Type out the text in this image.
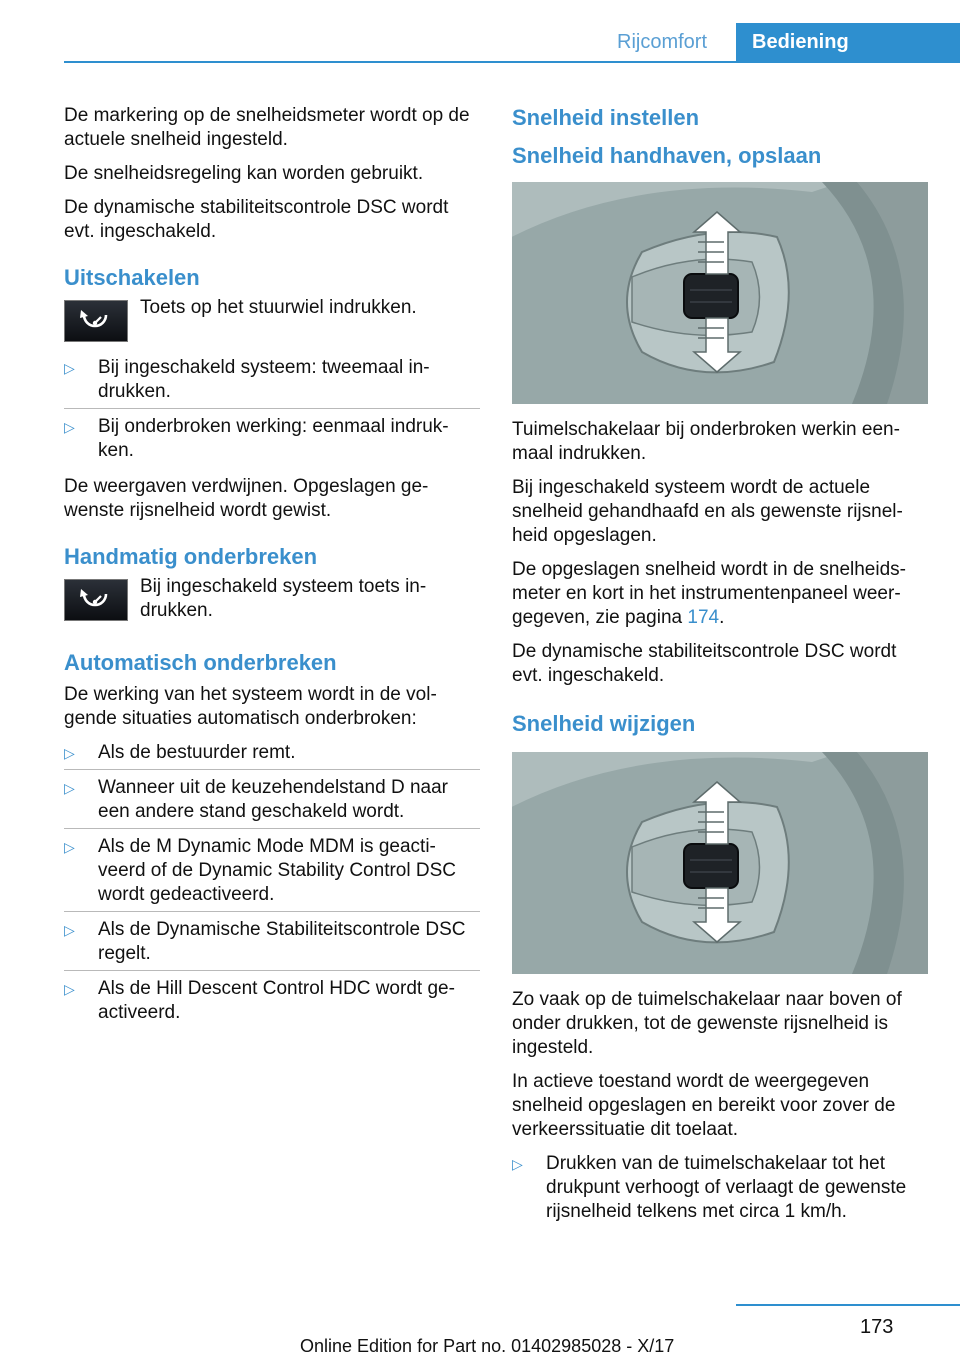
Rijcomfort	Bediening

De markering op de snelheidsmeter wordt op de actuele snelheid ingesteld.

De snelheidsregeling kan worden gebruikt.

De dynamische stabiliteitscontrole DSC wordt evt. ingeschakeld.

Uitschakelen

Toets op het stuurwiel indrukken.

▷	Bij ingeschakeld systeem: tweemaal in‐drukken.
▷	Bij onderbroken werking: eenmaal indruk‐ken.

De weergaven verdwijnen. Opgeslagen ge‐wenste rijsnelheid wordt gewist.

Handmatig onderbreken

Bij ingeschakeld systeem toets in‐drukken.

Automatisch onderbreken

De werking van het systeem wordt in de vol‐gende situaties automatisch onderbroken:

▷	Als de bestuurder remt.
▷	Wanneer uit de keuzehendelstand D naar een andere stand geschakeld wordt.
▷	Als de M Dynamic Mode MDM is geacti‐veerd of de Dynamic Stability Control DSC wordt gedeactiveerd.
▷	Als de Dynamische Stabiliteitscontrole DSC regelt.
▷	Als de Hill Descent Control HDC wordt ge‐activeerd.
Snelheid instellen
Snelheid handhaven, opslaan

Tuimelschakelaar bij onderbroken werkin een‐maal indrukken.

Bij ingeschakeld systeem wordt de actuele snelheid gehandhaafd en als gewenste rijsnel‐heid opgeslagen.

De opgeslagen snelheid wordt in de snelheids‐meter en kort in het instrumentenpaneel weer‐gegeven, zie pagina 174.

De dynamische stabiliteitscontrole DSC wordt evt. ingeschakeld.

Snelheid wijzigen

Zo vaak op de tuimelschakelaar naar boven of onder drukken, tot de gewenste rijsnelheid is ingesteld.

In actieve toestand wordt de weergegeven snelheid opgeslagen en bereikt voor zover de verkeerssituatie dit toelaat.

▷	Drukken van de tuimelschakelaar tot het drukpunt verhoogt of verlaagt de gewenste rijsnelheid telkens met circa 1 km/h.
173
Online Edition for Part no. 01402985028 - X/17
